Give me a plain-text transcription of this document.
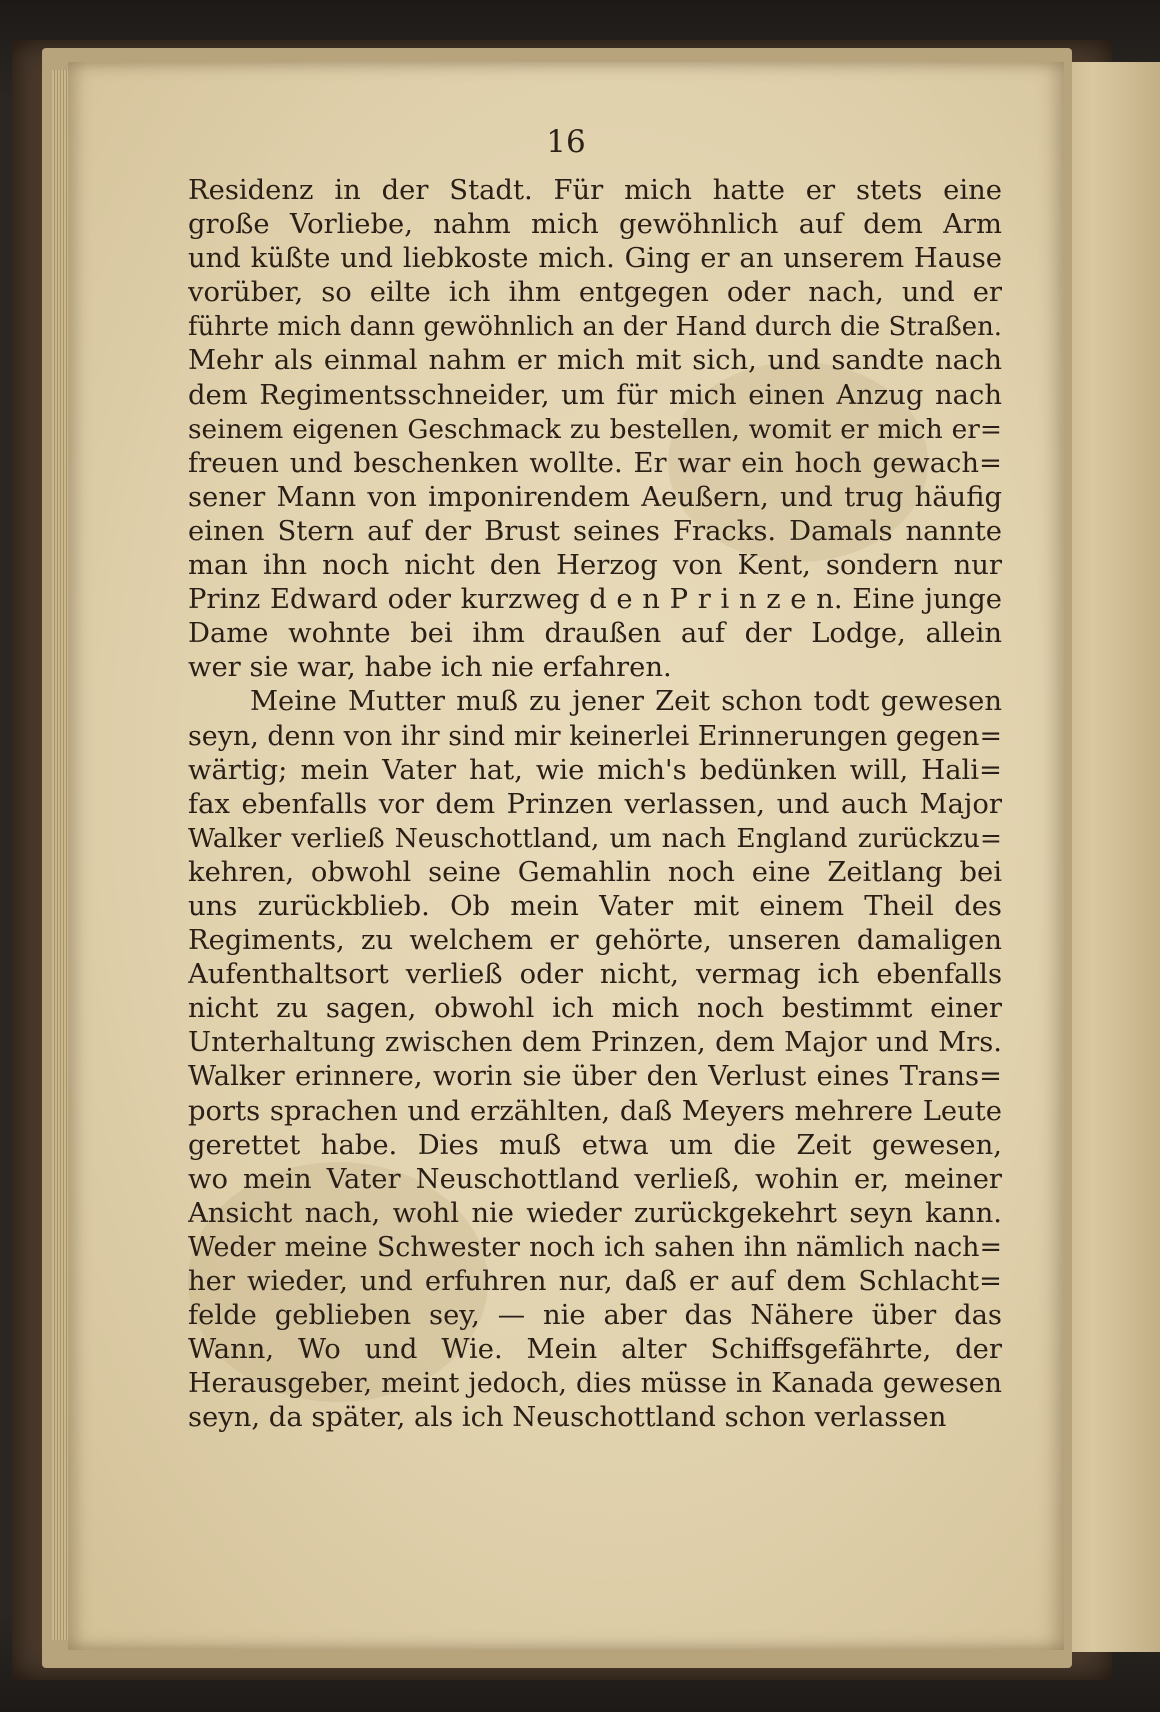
16
Residenz in der Stadt. Für mich hatte er stets eine
große Vorliebe, nahm mich gewöhnlich auf dem Arm
und küßte und liebkoste mich. Ging er an unserem Hause
vorüber, so eilte ich ihm entgegen oder nach, und er
führte mich dann gewöhnlich an der Hand durch die Straßen.
Mehr als einmal nahm er mich mit sich, und sandte nach
dem Regimentsschneider, um für mich einen Anzug nach
seinem eigenen Geschmack zu bestellen, womit er mich er=
freuen und beschenken wollte. Er war ein hoch gewach=
sener Mann von imponirendem Aeußern, und trug häufig
einen Stern auf der Brust seines Fracks. Damals nannte
man ihn noch nicht den Herzog von Kent, sondern nur
Prinz Edward oder kurzweg d e n P r i n z e n. Eine junge
Dame wohnte bei ihm draußen auf der Lodge, allein
wer sie war, habe ich nie erfahren.
Meine Mutter muß zu jener Zeit schon todt gewesen
seyn, denn von ihr sind mir keinerlei Erinnerungen gegen=
wärtig; mein Vater hat, wie mich's bedünken will, Hali=
fax ebenfalls vor dem Prinzen verlassen, und auch Major
Walker verließ Neuschottland, um nach England zurückzu=
kehren, obwohl seine Gemahlin noch eine Zeitlang bei
uns zurückblieb. Ob mein Vater mit einem Theil des
Regiments, zu welchem er gehörte, unseren damaligen
Aufenthaltsort verließ oder nicht, vermag ich ebenfalls
nicht zu sagen, obwohl ich mich noch bestimmt einer
Unterhaltung zwischen dem Prinzen, dem Major und Mrs.
Walker erinnere, worin sie über den Verlust eines Trans=
ports sprachen und erzählten, daß Meyers mehrere Leute
gerettet habe. Dies muß etwa um die Zeit gewesen,
wo mein Vater Neuschottland verließ, wohin er, meiner
Ansicht nach, wohl nie wieder zurückgekehrt seyn kann.
Weder meine Schwester noch ich sahen ihn nämlich nach=
her wieder, und erfuhren nur, daß er auf dem Schlacht=
felde geblieben sey, — nie aber das Nähere über das
Wann, Wo und Wie. Mein alter Schiffsgefährte, der
Herausgeber, meint jedoch, dies müsse in Kanada gewesen
seyn, da später, als ich Neuschottland schon verlassen
